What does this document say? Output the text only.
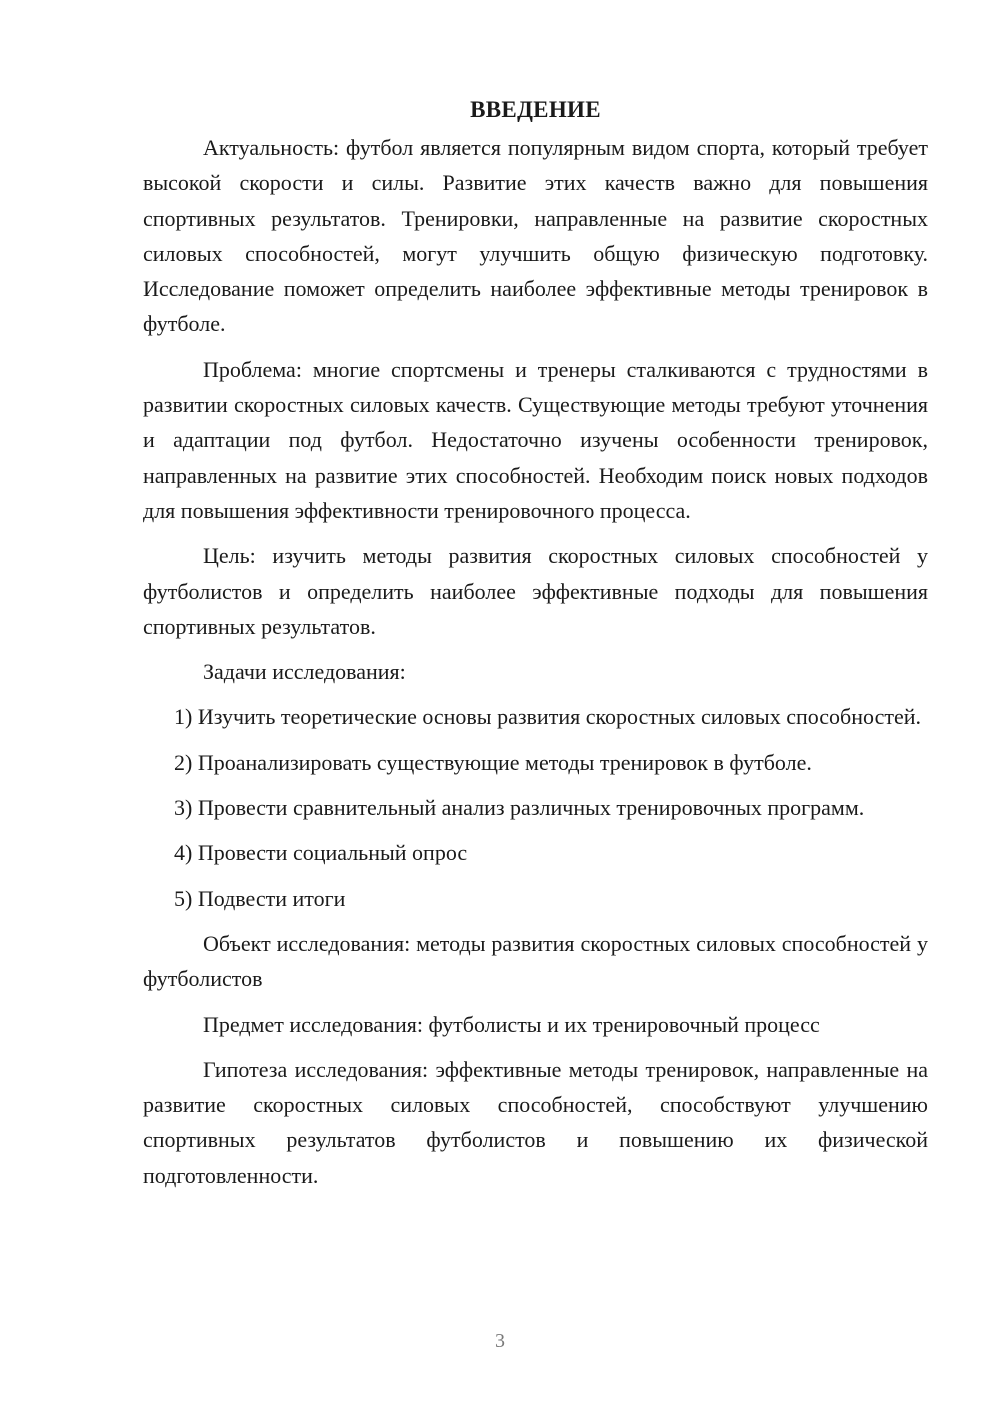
ВВЕДЕНИЕ

Актуальность: футбол является популярным видом спорта, который требует высокой скорости и силы. Развитие этих качеств важно для повышения спортивных результатов. Тренировки, направленные на развитие скоростных силовых способностей, могут улучшить общую физическую подготовку. Исследование поможет определить наиболее эффективные методы тренировок в футболе.

Проблема: многие спортсмены и тренеры сталкиваются с трудностями в развитии скоростных силовых качеств. Существующие методы требуют уточнения и адаптации под футбол. Недостаточно изучены особенности тренировок, направленных на развитие этих способностей. Необходим поиск новых подходов для повышения эффективности тренировочного процесса.

Цель: изучить методы развития скоростных силовых способностей у футболистов и определить наиболее эффективные подходы для повышения спортивных результатов.

Задачи исследования:

1) Изучить теоретические основы развития скоростных силовых способностей.

2) Проанализировать существующие методы тренировок в футболе.

3) Провести сравнительный анализ различных тренировочных программ.

4) Провести социальный опрос

5) Подвести итоги

Объект исследования: методы развития скоростных силовых способностей у футболистов

Предмет исследования: футболисты и их тренировочный процесс

Гипотеза исследования: эффективные методы тренировок, направленные на развитие скоростных силовых способностей, способствуют улучшению спортивных результатов футболистов и повышению их физической подготовленности.

3
